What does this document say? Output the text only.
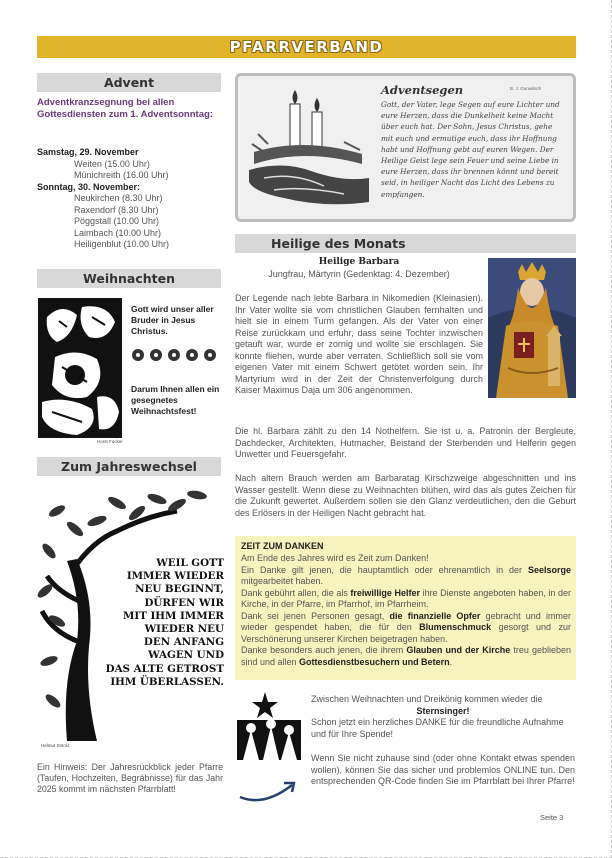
PFARRVERBAND
Advent
Adventkranzsegnung bei allen Gottesdiensten zum 1. Adventsonntag:
Samstag, 29. November
Weiten (15.00 Uhr)
Münichreith (16.00 Uhr)
Sonntag, 30. November:
Neukirchen (8.30 Uhr)
Raxendorf (8.30 Uhr)
Pöggstall (10.00 Uhr)
Laimbach (10.00 Uhr)
Heiligenblut (10.00 Uhr)
Weihnachten
Horst Fucker
Gott wird unser aller Bruder in Jesus Christus.
Darum Ihnen allen ein gesegnetes Weihnachtsfest!
Zum Jahreswechsel
Helmut Stöckl
WEIL GOTT
IMMER WIEDER
NEU BEGINNT,
DÜRFEN WIR
MIT IHM IMMER
WIEDER NEU
DEN ANFANG
WAGEN UND
DAS ALTE GETROST
IHM ÜBERLASSEN.
Ein Hinweis: Der Jahresrückblick jeder Pfarre (Taufen, Hochzeiten, Begräbnisse) für das Jahr 2025 kommt im nächsten Pfarrblatt!
Adventsegen	B. J. Gunwitsch
Gott, der Vater, lege Segen auf eure Lichter und eure Herzen, dass die Dunkelheit keine Macht über euch hat. Der Sohn, Jesus Christus, gehe mit euch und ermutige euch, dass ihr Hoffnung habt und Hoffnung gebt auf euren Wegen. Der Heilige Geist lege sein Feuer und seine Liebe in eure Herzen, dass ihr brennen könnt und bereit seid, in heiliger Nacht das Licht des Lebens zu empfangen.
Heilige des Monats
Heilige Barbara
Jungfrau, Märtyrin (Gedenktag: 4. Dezember)
Der Legende nach lebte Barbara in Nikomedien (Kleinasien). Ihr Vater wollte sie vom christlichen Glauben fernhalten und hielt sie in einem Turm gefangen. Als der Vater von einer Reise zurückkam und erfuhr, dass seine Tochter inzwischen getauft war, wurde er zornig und wollte sie erschlagen. Sie konnte fliehen, wurde aber verraten. Schließlich soll sie vom eigenen Vater mit einem Schwert getötet worden sein. Ihr Martyrium wird in der Zeit der Christenverfolgung durch Kaiser Maximus Daja um 306 angenommen.
Die hl. Barbara zählt zu den 14 Nothelfern. Sie ist u. a. Patronin der Bergleute, Dachdecker, Architekten, Hutmacher, Beistand der Sterbenden und Helferin gegen Unwetter und Feuersgefahr.
Nach altem Brauch werden am Barbaratag Kirschzweige abgeschnitten und ins Wasser gestellt. Wenn diese zu Weihnachten blühen, wird das als gutes Zeichen für die Zukunft gewertet. Außerdem sollen sie den Glanz verdeutlichen, den die Geburt des Erlösers in der Heiligen Nacht gebracht hat.
ZEIT ZUM DANKEN
Am Ende des Jahres wird es Zeit zum Danken!
Ein Danke gilt jenen, die hauptamtlich oder ehrenamtlich in der Seelsorge mitgearbeitet haben.
Dank gebührt allen, die als freiwillige Helfer ihre Dienste angeboten haben, in der Kirche, in der Pfarre, im Pfarrhof, im Pfarrheim.
Dank sei jenen Personen gesagt, die finanzielle Opfer gebracht und immer wieder gespendet haben, die für den Blumenschmuck gesorgt und zur Verschönerung unserer Kirchen beigetragen haben.
Danke besonders auch jenen, die ihrem Glauben und der Kirche treu geblieben sind und allen Gottesdienstbesuchern und Betern.
Zwischen Weihnachten und Dreikönig kommen wieder die
Sternsinger!
Schon jetzt ein herzliches DANKE für die freundliche Aufnahme und für Ihre Spende!
Wenn Sie nicht zuhause sind (oder ohne Kontakt etwas spenden wollen), können Sie das sicher und problemlos ONLINE tun. Den entsprechenden QR-Code finden Sie im Pfarrblatt bei Ihrer Pfarre!
Seite 3
